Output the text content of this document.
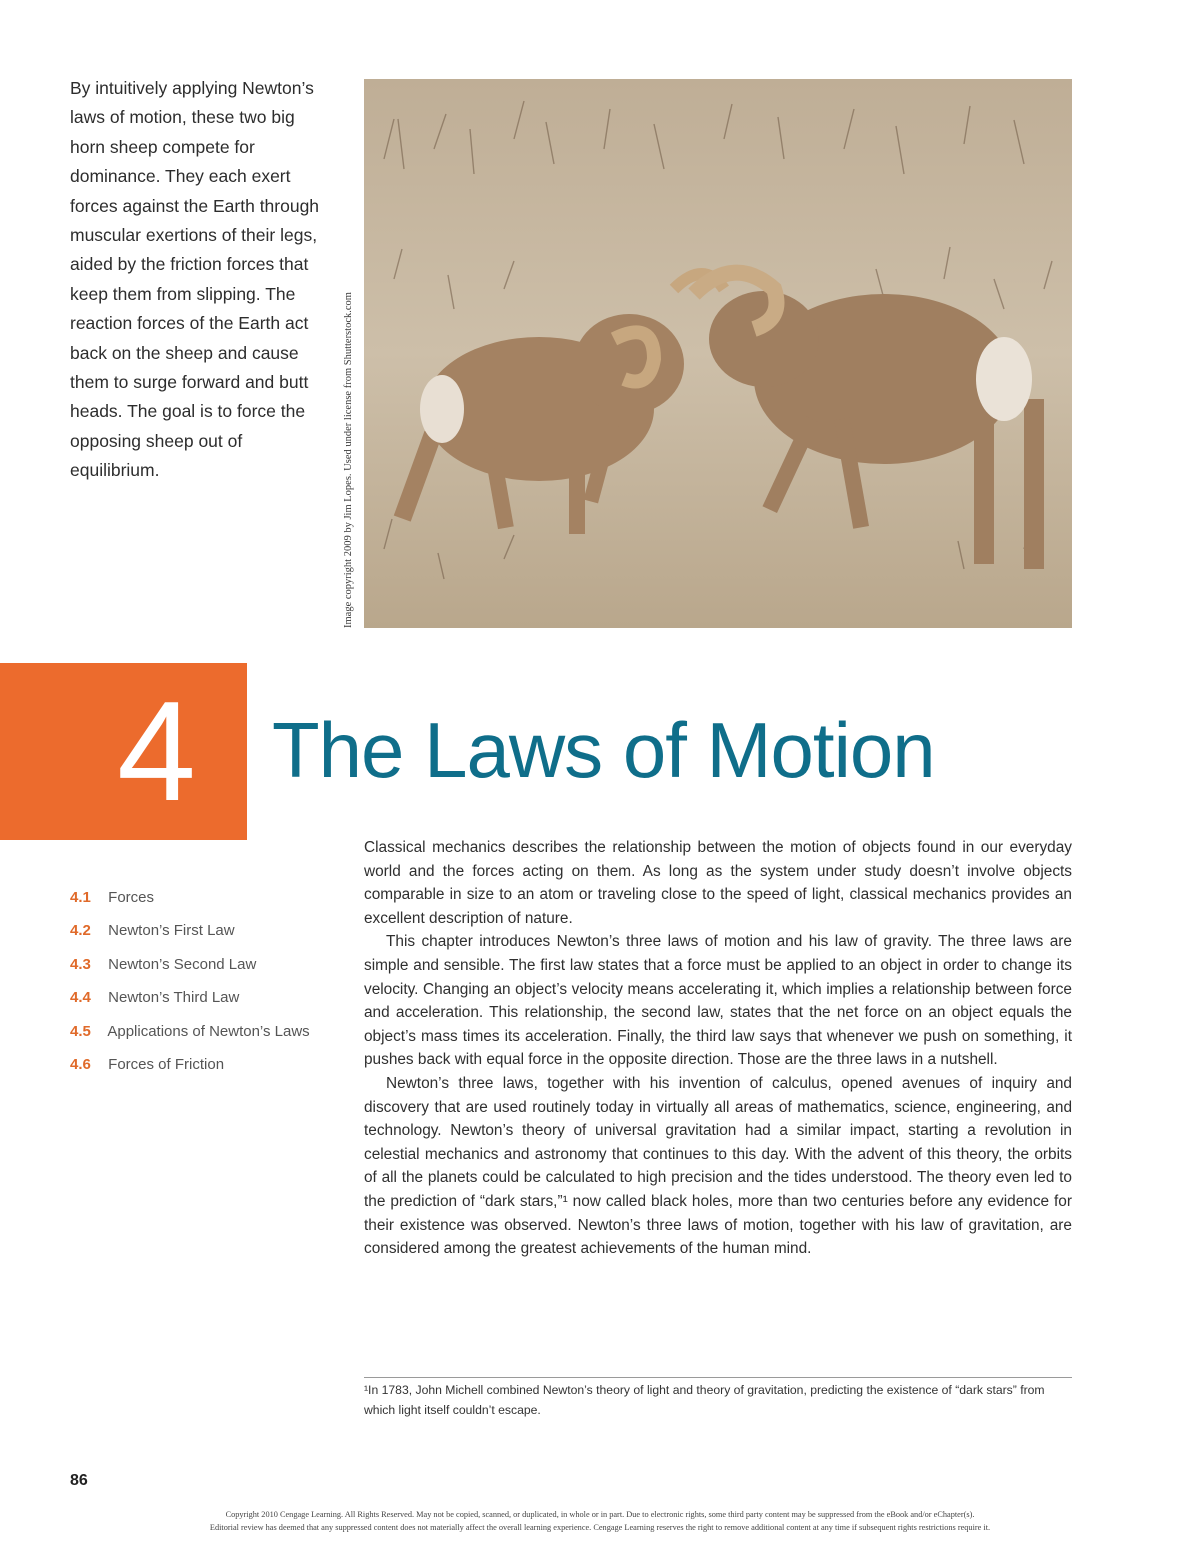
By intuitively applying Newton’s laws of motion, these two big horn sheep compete for dominance. They each exert forces against the Earth through muscular exertions of their legs, aided by the friction forces that keep them from slipping. The reaction forces of the Earth act back on the sheep and cause them to surge forward and butt heads. The goal is to force the opposing sheep out of equilibrium.	Image copyright 2009 by Jim Lopes. Used under license from Shutterstock.com
4 The Laws of Motion
4.1 Forces
4.2 Newton’s First Law
4.3 Newton’s Second Law
4.4 Newton’s Third Law
4.5 Applications of Newton’s Laws
4.6 Forces of Friction

Classical mechanics describes the relationship between the motion of objects found in our everyday world and the forces acting on them. As long as the system under study doesn’t involve objects comparable in size to an atom or traveling close to the speed of light, classical mechanics provides an excellent description of nature.

This chapter introduces Newton’s three laws of motion and his law of gravity. The three laws are simple and sensible. The first law states that a force must be applied to an object in order to change its velocity. Changing an object’s velocity means accelerating it, which implies a relationship between force and acceleration. This relationship, the second law, states that the net force on an object equals the object’s mass times its acceleration. Finally, the third law says that whenever we push on something, it pushes back with equal force in the opposite direction. Those are the three laws in a nutshell.

Newton’s three laws, together with his invention of calculus, opened avenues of inquiry and discovery that are used routinely today in virtually all areas of mathematics, science, engineering, and technology. Newton’s theory of universal gravitation had a similar impact, starting a revolution in celestial mechanics and astronomy that continues to this day. With the advent of this theory, the orbits of all the planets could be calculated to high precision and the tides understood. The theory even led to the prediction of “dark stars,”¹ now called black holes, more than two centuries before any evidence for their existence was observed. Newton’s three laws of motion, together with his law of gravitation, are considered among the greatest achievements of the human mind.

¹In 1783, John Michell combined Newton’s theory of light and theory of gravitation, predicting the existence of “dark stars” from which light itself couldn’t escape.
86
Copyright 2010 Cengage Learning. All Rights Reserved. May not be copied, scanned, or duplicated, in whole or in part. Due to electronic rights, some third party content may be suppressed from the eBook and/or eChapter(s).
Editorial review has deemed that any suppressed content does not materially affect the overall learning experience. Cengage Learning reserves the right to remove additional content at any time if subsequent rights restrictions require it.
